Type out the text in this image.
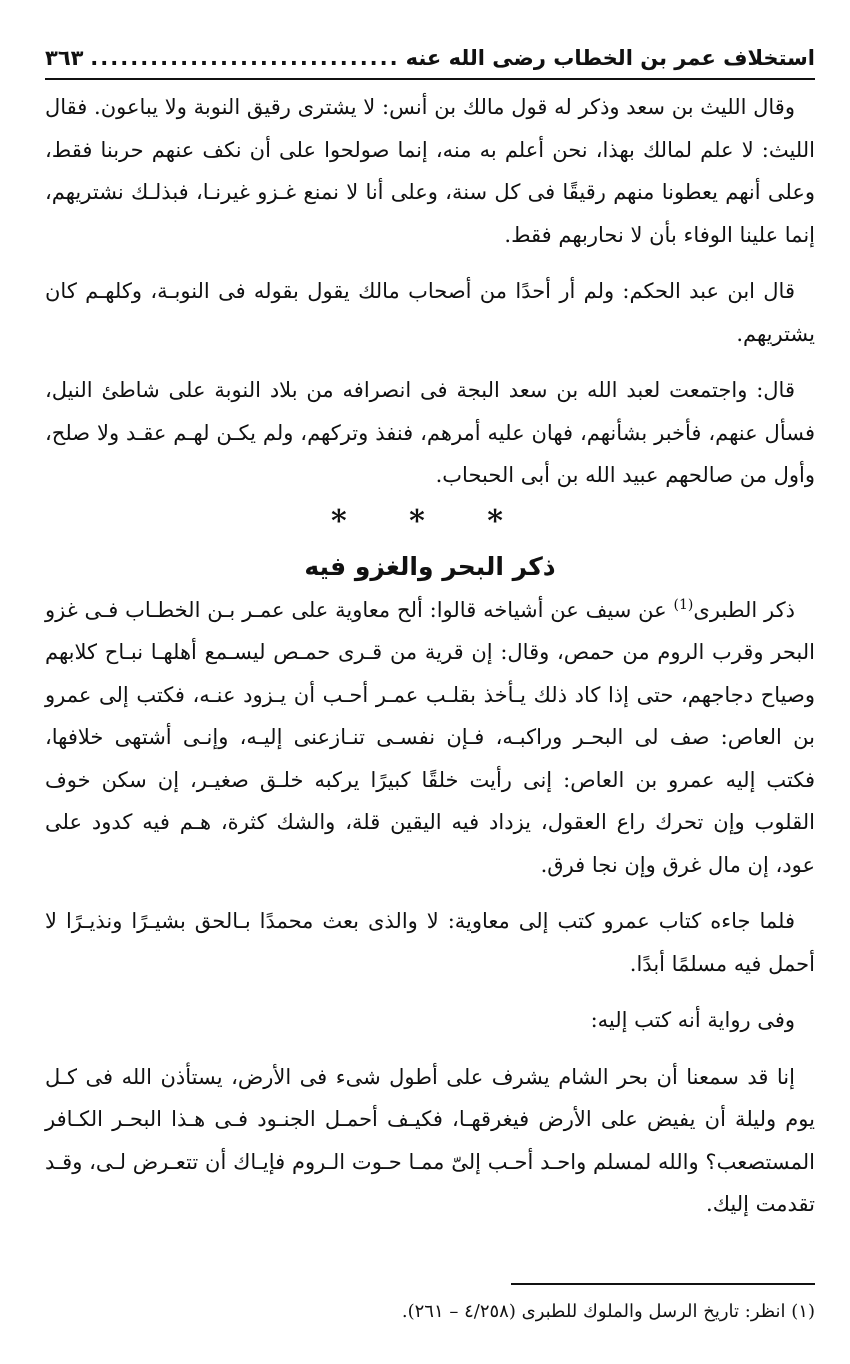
استخلاف عمر بن الخطاب رضى الله عنه
.....
٣٦٣

وقال الليث بن سعد وذكر له قول مالك بن أنس: لا يشترى رقيق النوبة ولا يباعون. فقال الليث: لا علم لمالك بهذا، نحن أعلم به منه، إنما صولحوا على أن نكف عنهم حربنا فقط، وعلى أنهم يعطونا منهم رقيقًا فى كل سنة، وعلى أنا لا نمنع غـزو غيرنـا، فبذلـك نشتريهم، إنما علينا الوفاء بأن لا نحاربهم فقط.

قال ابن عبد الحكم: ولم أر أحدًا من أصحاب مالك يقول بقوله فى النوبـة، وكلهـم كان يشتريهم.

قال: واجتمعت لعبد الله بن سعد البجة فى انصرافه من بلاد النوبة على شاطئ النيل، فسأل عنهم، فأخبر بشأنهم، فهان عليه أمرهم، فنفذ وتركهم، ولم يكـن لهـم عقـد ولا صلح، وأول من صالحهم عبيد الله بن أبى الحبحاب.

* * *
ذكر البحر والغزو فيه

ذكر الطبرى$^{(1)}$ عن سيف عن أشياخه قالوا: ألح معاوية على عمـر بـن الخطـاب فـى غزو البحر وقرب الروم من حمص، وقال: إن قرية من قـرى حمـص ليسـمع أهلهـا نبـاح كلابهم وصياح دجاجهم، حتى إذا كاد ذلك يـأخذ بقلـب عمـر أحـب أن يـزود عنـه، فكتب إلى عمرو بن العاص: صف لى البحـر وراكبـه، فـإن نفسـى تنـازعنى إليـه، وإنـى أشتهى خلافها، فكتب إليه عمرو بن العاص: إنى رأيت خلقًا كبيرًا يركبه خلـق صغيـر، إن سكن خوف القلوب وإن تحرك راع العقول، يزداد فيه اليقين قلة، والشك كثرة، هـم فيه كدود على عود، إن مال غرق وإن نجا فرق.

فلما جاءه كتاب عمرو كتب إلى معاوية: لا والذى بعث محمدًا بـالحق بشيـرًا ونذيـرًا لا أحمل فيه مسلمًا أبدًا.

وفى رواية أنه كتب إليه:

إنا قد سمعنا أن بحر الشام يشرف على أطول شىء فى الأرض، يستأذن الله فى كـل يوم وليلة أن يفيض على الأرض فيغرقهـا، فكيـف أحمـل الجنـود فـى هـذا البحـر الكـافر المستصعب؟ والله لمسلم واحـد أحـب إلىّ ممـا حـوت الـروم فإيـاك أن تتعـرض لـى، وقـد تقدمت إليك.

(١) انظر: تاريخ الرسل والملوك للطبرى (٤/٢٥٨ – ٢٦١).
